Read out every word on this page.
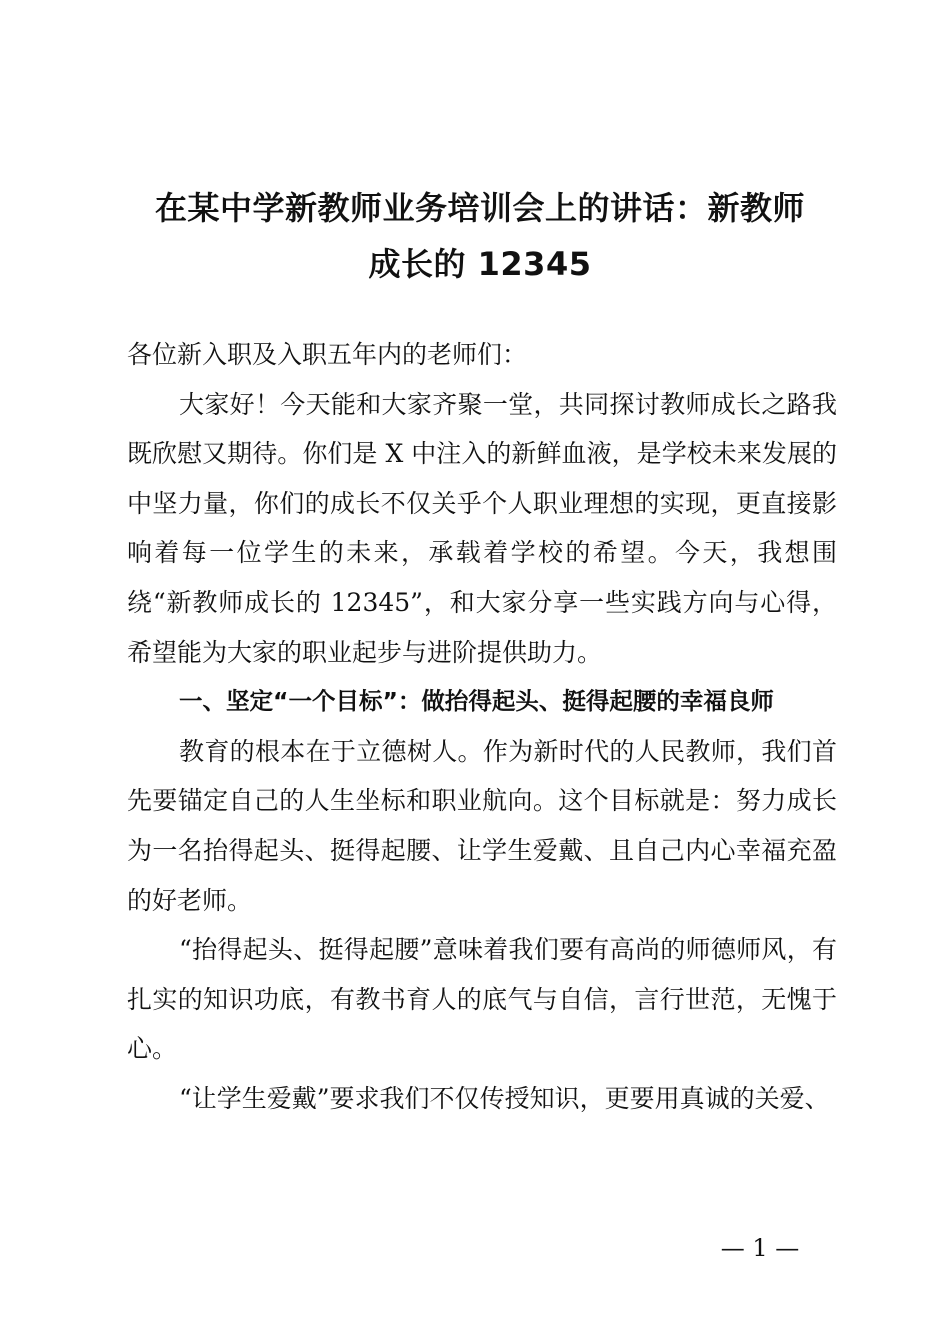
在某中学新教师业务培训会上的讲话：新教师
成长的 12345

各位新入职及入职五年内的老师们：

大家好！今天能和大家齐聚一堂，共同探讨教师成长之路我既欣慰又期待。你们是 X 中注入的新鲜血液，是学校未来发展的中坚力量，你们的成长不仅关乎个人职业理想的实现，更直接影响着每一位学生的未来，承载着学校的希望。今天，我想围绕“新教师成长的 12345”，和大家分享一些实践方向与心得，希望能为大家的职业起步与进阶提供助力。

一、坚定“一个目标”：做抬得起头、挺得起腰的幸福良师

教育的根本在于立德树人。作为新时代的人民教师，我们首先要锚定自己的人生坐标和职业航向。这个目标就是：努力成长为一名抬得起头、挺得起腰、让学生爱戴、且自己内心幸福充盈的好老师。

“抬得起头、挺得起腰”意味着我们要有高尚的师德师风，有扎实的知识功底，有教书育人的底气与自信，言行世范，无愧于心。

“让学生爱戴”要求我们不仅传授知识，更要用真诚的关爱、

— 1 —
